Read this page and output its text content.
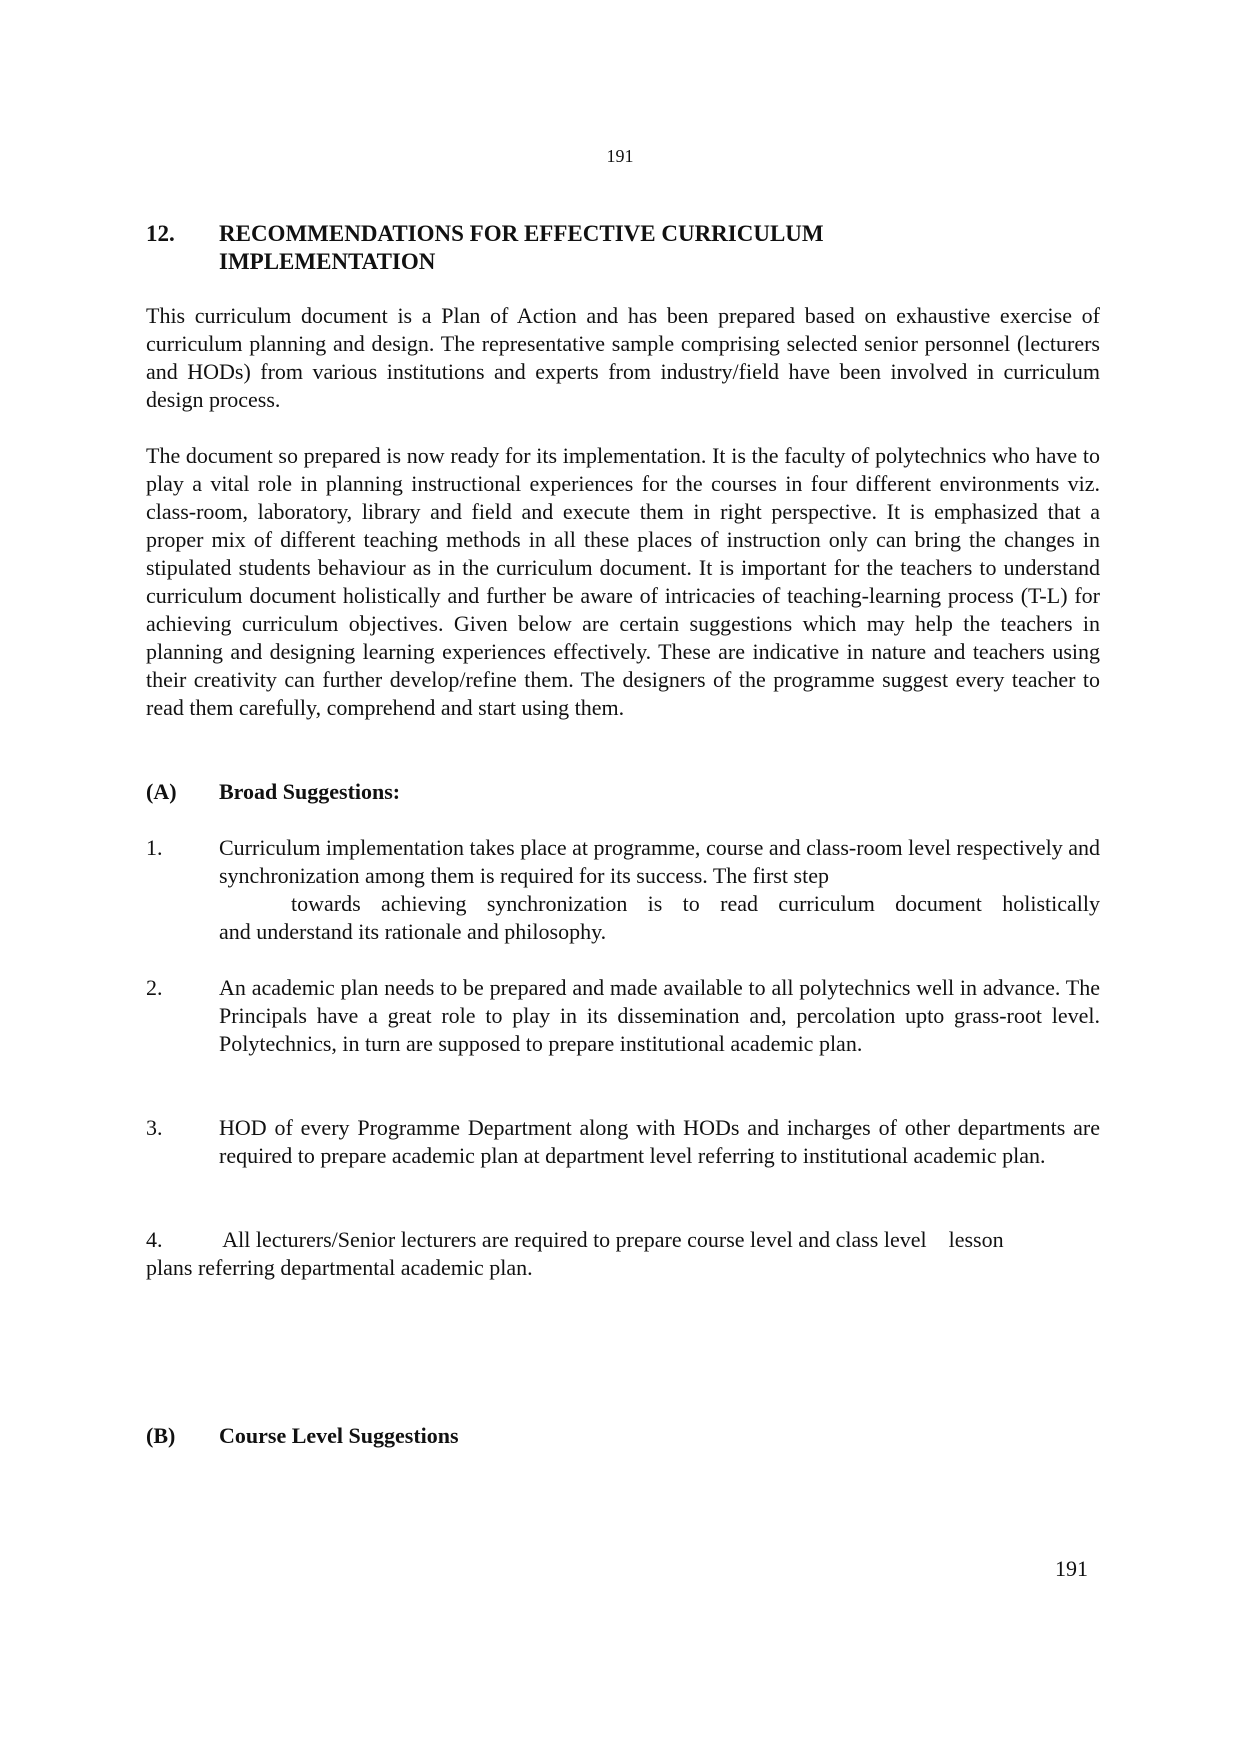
191
12. RECOMMENDATIONS FOR EFFECTIVE CURRICULUM
IMPLEMENTATION

This curriculum document is a Plan of Action and has been prepared based on exhaustive exercise of curriculum planning and design. The representative sample comprising selected senior personnel (lecturers and HODs) from various institutions and experts from industry/field have been involved in curriculum design process.

The document so prepared is now ready for its implementation. It is the faculty of polytechnics who have to play a vital role in planning instructional experiences for the courses in four different environments viz. class-room, laboratory, library and field and execute them in right perspective. It is emphasized that a proper mix of different teaching methods in all these places of instruction only can bring the changes in stipulated students behaviour as in the curriculum document. It is important for the teachers to understand curriculum document holistically and further be aware of intricacies of teaching-learning process (T-L) for achieving curriculum objectives. Given below are certain suggestions which may help the teachers in planning and designing learning experiences effectively. These are indicative in nature and teachers using their creativity can further develop/refine them. The designers of the programme suggest every teacher to read them carefully, comprehend and start using them.

(A) Broad Suggestions:
1.	Curriculum implementation takes place at programme, course and class-room level respectively and synchronization among them is required for its success. The first step
towards achieving synchronization is to read curriculum document holistically
and understand its rationale and philosophy.
2.	An academic plan needs to be prepared and made available to all polytechnics well in advance. The Principals have a great role to play in its dissemination and, percolation upto grass-root level. Polytechnics, in turn are supposed to prepare institutional academic plan.
3.	HOD of every Programme Department along with HODs and incharges of other departments are required to prepare academic plan at department level referring to institutional academic plan.
4.	All lecturers/Senior lecturers are required to prepare course level and class level    lesson
plans referring departmental academic plan.
(B) Course Level Suggestions
191
